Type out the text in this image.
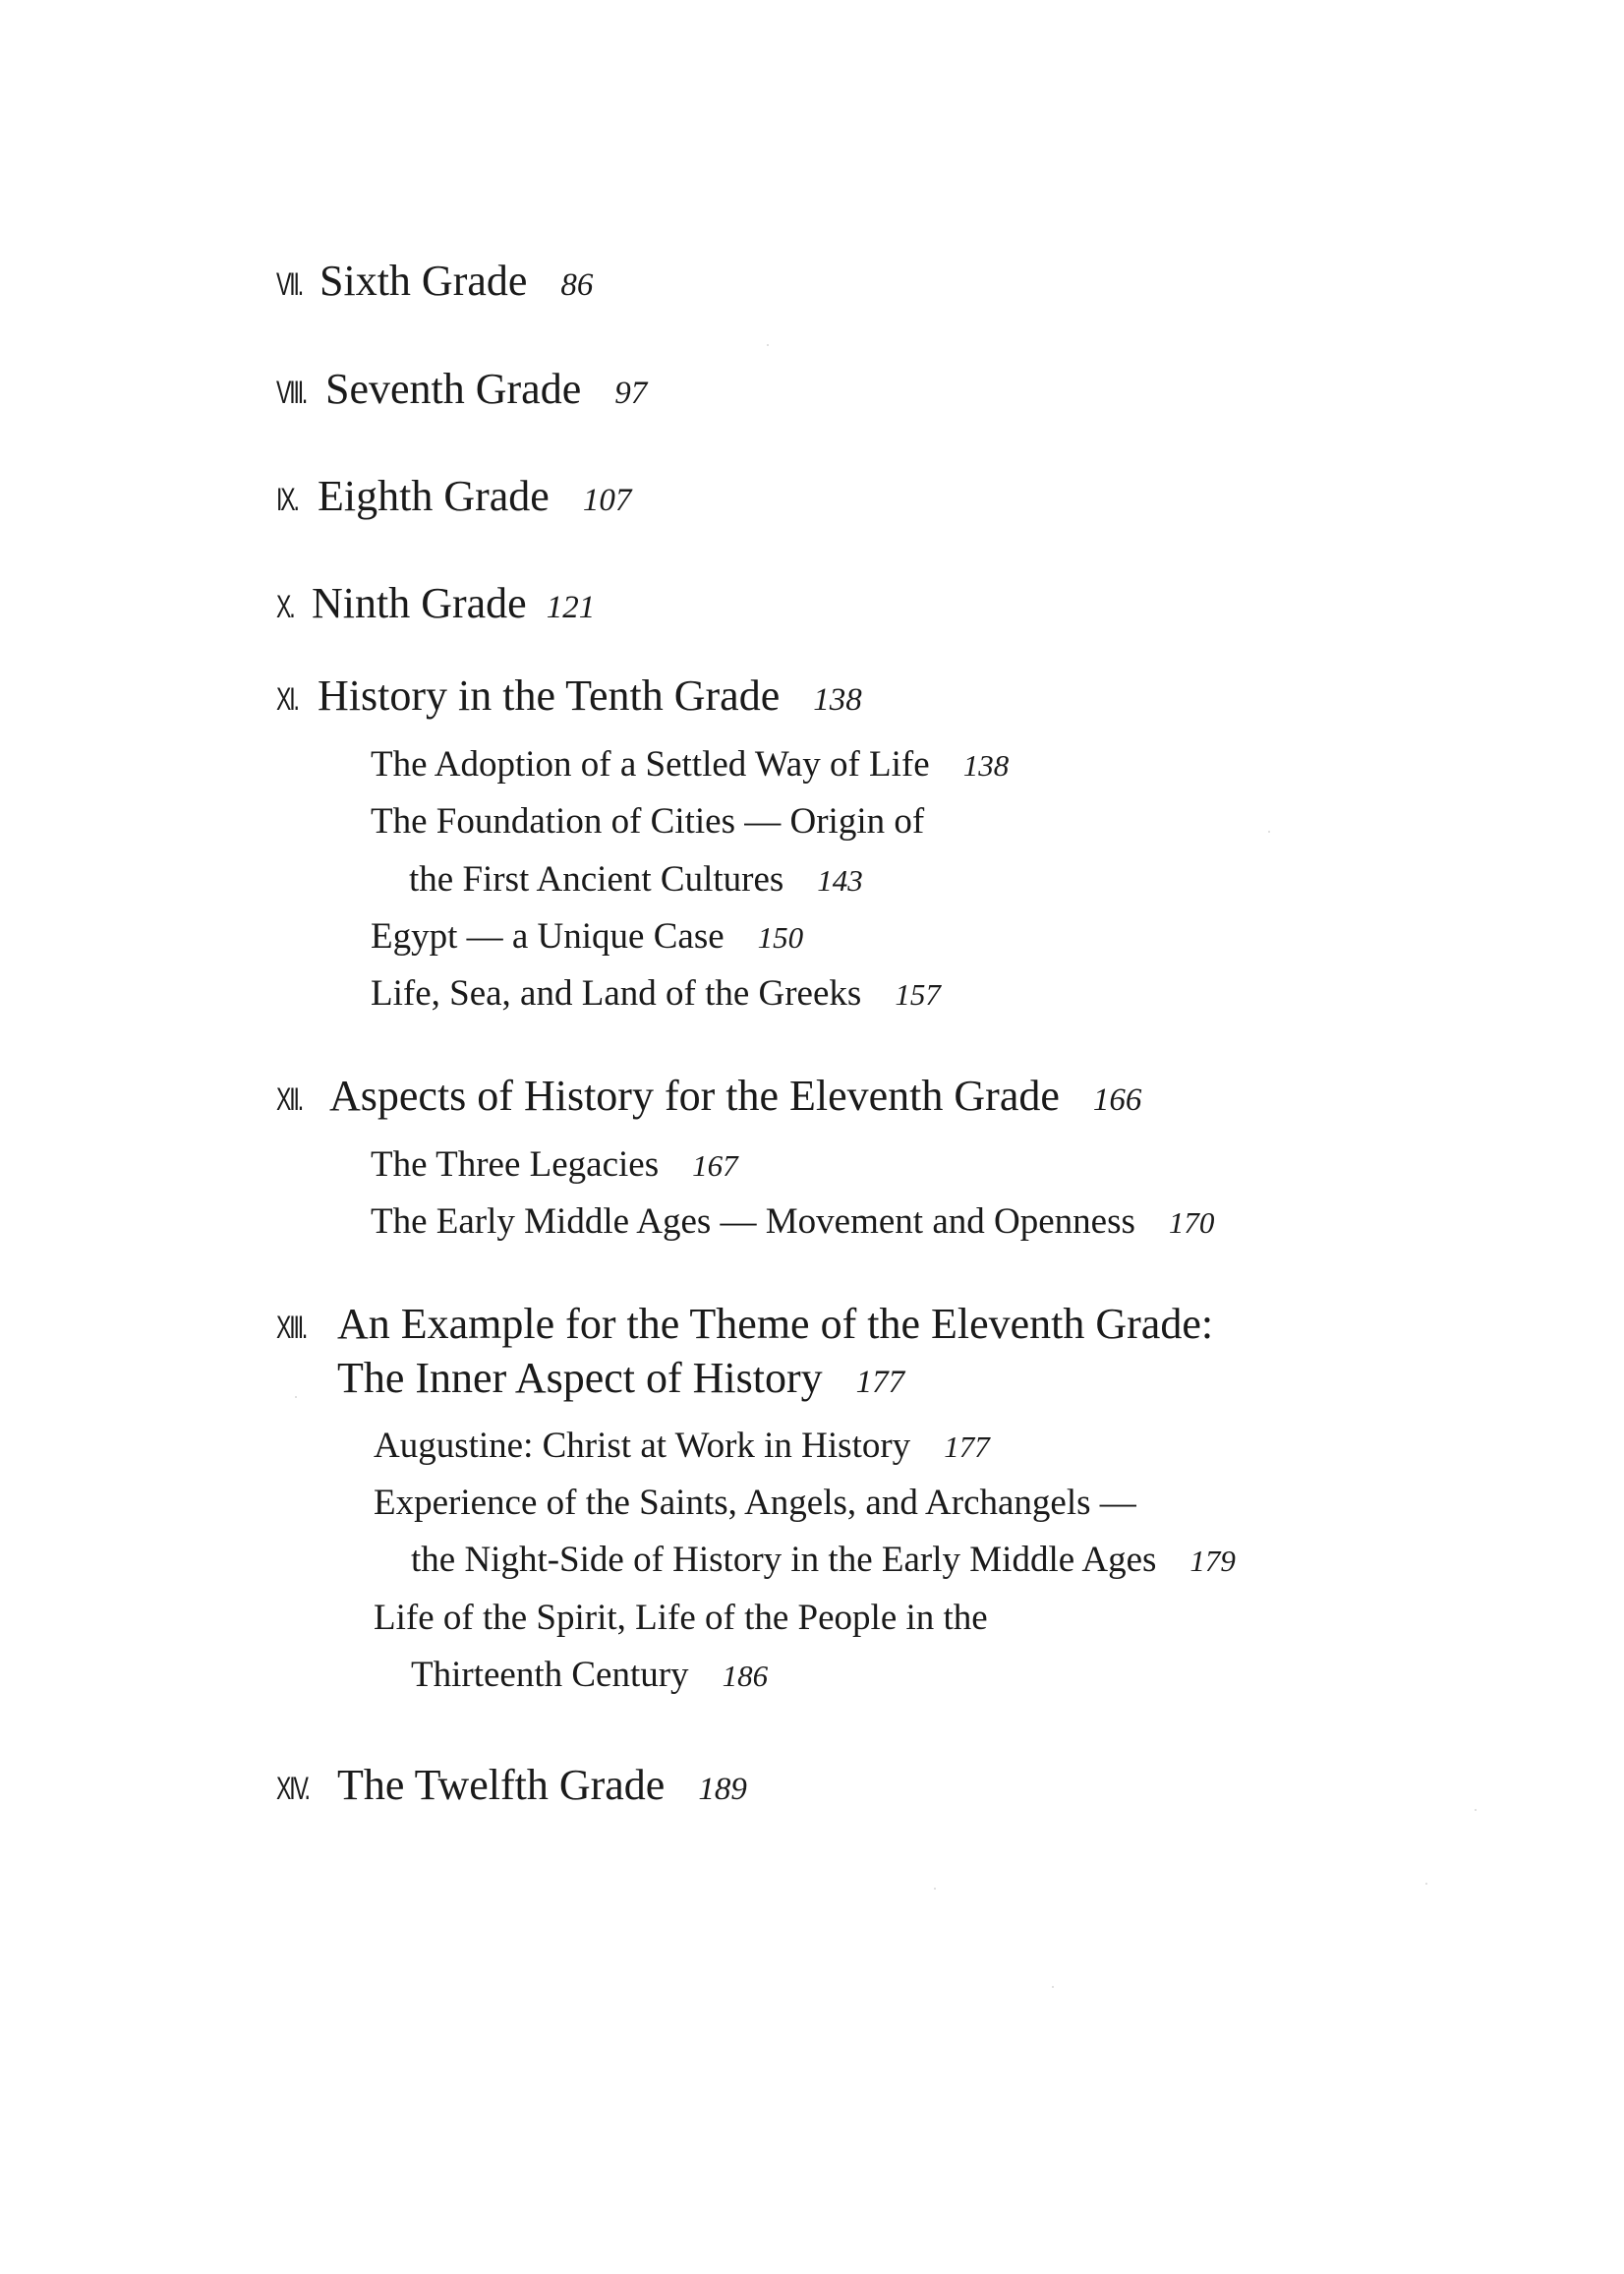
VII. Sixth Grade 86
VIII. Seventh Grade 97
IX. Eighth Grade 107
X. Ninth Grade 121
XI. History in the Tenth Grade 138
The Adoption of a Settled Way of Life 138
The Foundation of Cities — Origin of
the First Ancient Cultures 143
Egypt — a Unique Case 150
Life, Sea, and Land of the Greeks 157
XII. Aspects of History for the Eleventh Grade 166
The Three Legacies 167
The Early Middle Ages — Movement and Openness 170
XIII. An Example for the Theme of the Eleventh Grade:
The Inner Aspect of History 177
Augustine: Christ at Work in History 177
Experience of the Saints, Angels, and Archangels —
the Night-Side of History in the Early Middle Ages 179
Life of the Spirit, Life of the People in the
Thirteenth Century 186
XIV. The Twelfth Grade 189
